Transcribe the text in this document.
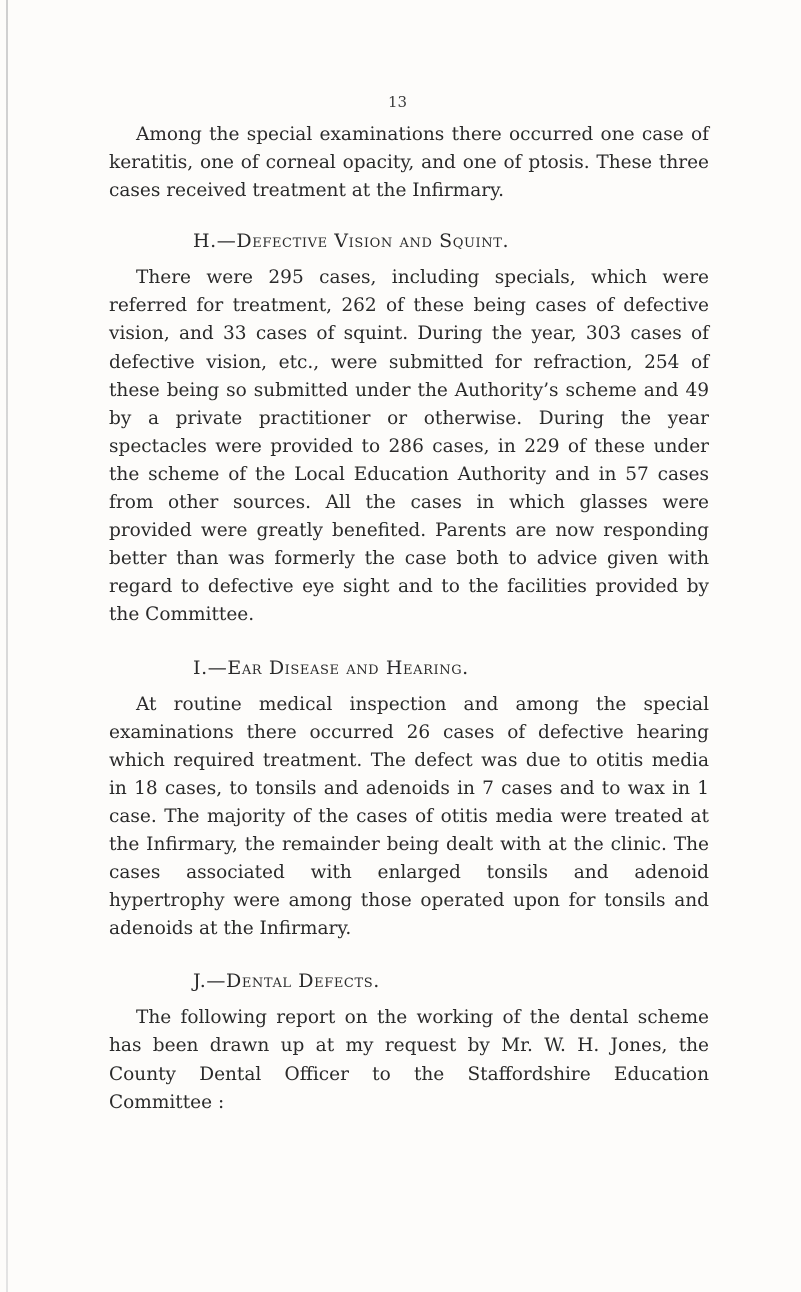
13

Among the special examinations there occurred one case of keratitis, one of corneal opacity, and one of ptosis. These three cases received treatment at the Infirmary.

H.—Defective Vision and Squint.

There were 295 cases, including specials, which were referred for treatment, 262 of these being cases of defective vision, and 33 cases of squint. During the year, 303 cases of defective vision, etc., were submitted for refraction, 254 of these being so submitted under the Authority’s scheme and 49 by a private practitioner or otherwise. During the year spectacles were provided to 286 cases, in 229 of these under the scheme of the Local Education Authority and in 57 cases from other sources. All the cases in which glasses were provided were greatly benefited. Parents are now responding better than was formerly the case both to advice given with regard to defective eye sight and to the facilities provided by the Committee.

I.—Ear Disease and Hearing.

At routine medical inspection and among the special examinations there occurred 26 cases of defective hearing which required treatment. The defect was due to otitis media in 18 cases, to tonsils and adenoids in 7 cases and to wax in 1 case. The majority of the cases of otitis media were treated at the Infirmary, the remainder being dealt with at the clinic. The cases associated with enlarged tonsils and adenoid hypertrophy were among those operated upon for tonsils and adenoids at the Infirmary.

J.—Dental Defects.

The following report on the working of the dental scheme has been drawn up at my request by Mr. W. H. Jones, the County Dental Officer to the Staffordshire Education Committee :
